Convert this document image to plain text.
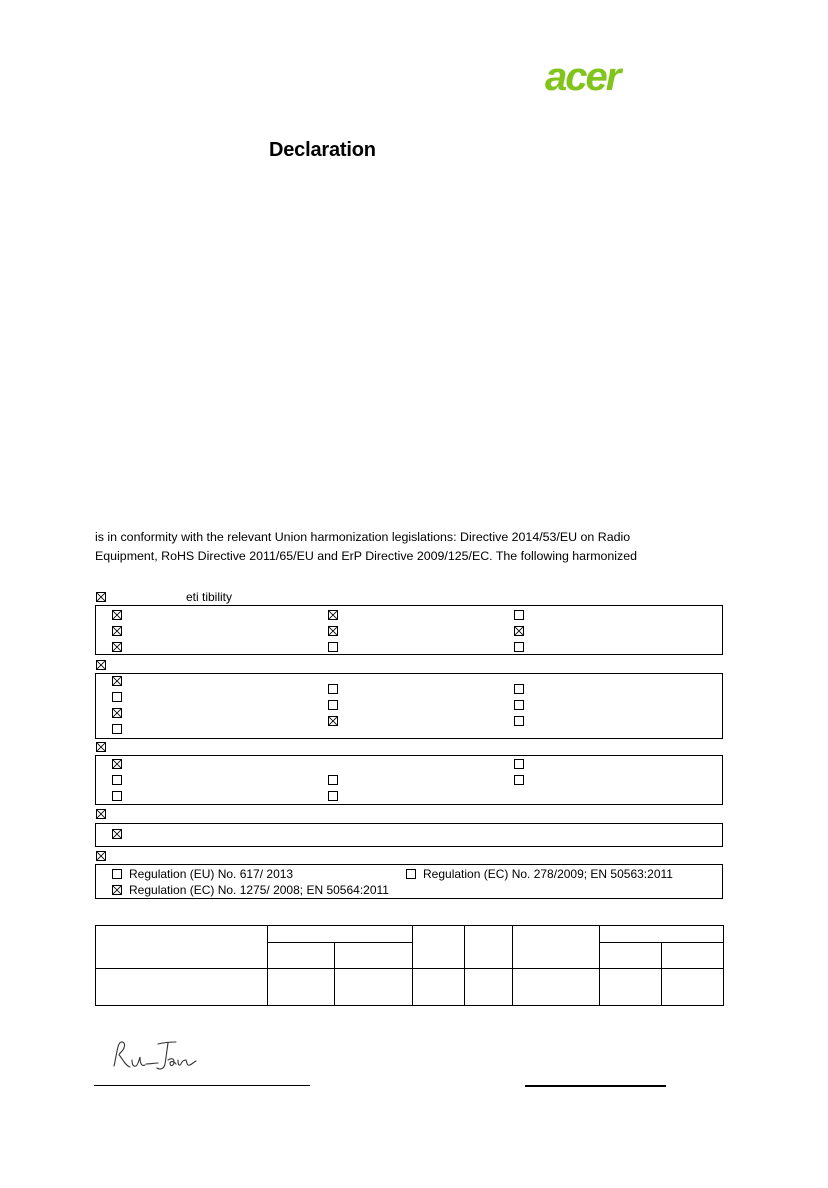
acer
Declaration
is in conformity with the relevant Union harmonization legislations: Directive 2014/53/EU on Radio
Equipment, RoHS Directive 2011/65/EU and ErP Directive 2009/125/EC. The following harmonized
eti tibility
Regulation (EU) No. 617/ 2013	Regulation (EC) No. 278/2009; EN 50563:2011
Regulation (EC) No. 1275/ 2008; EN 50564:2011
